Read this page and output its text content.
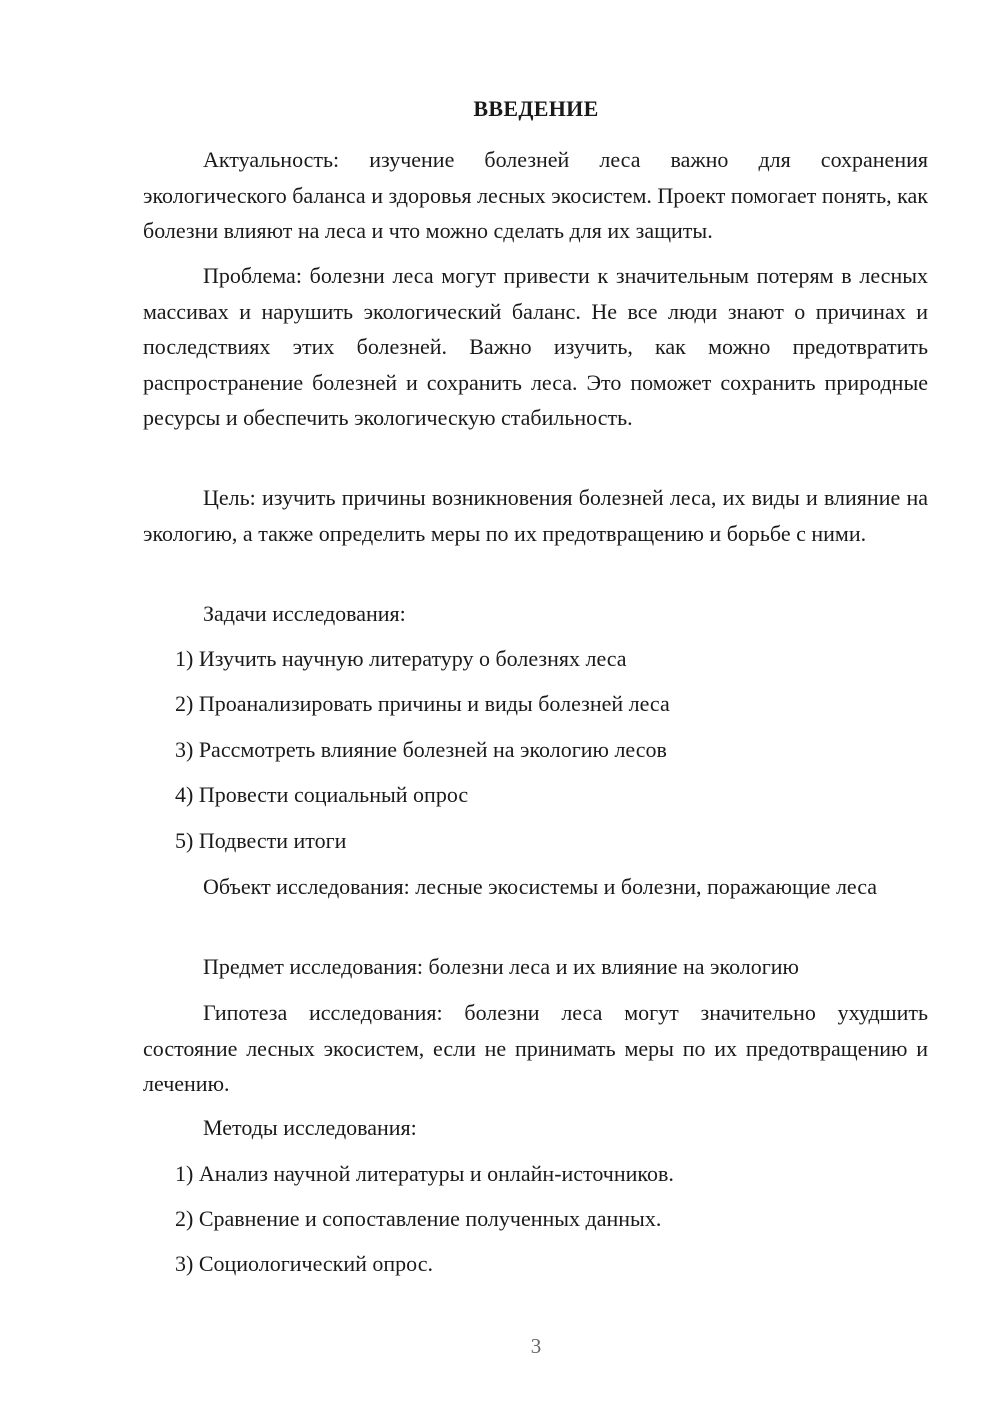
ВВЕДЕНИЕ
Актуальность: изучение болезней леса важно для сохранения экологического баланса и здоровья лесных экосистем. Проект помогает понять, как болезни влияют на леса и что можно сделать для их защиты.
Проблема: болезни леса могут привести к значительным потерям в лесных массивах и нарушить экологический баланс. Не все люди знают о причинах и последствиях этих болезней. Важно изучить, как можно предотвратить распространение болезней и сохранить леса. Это поможет сохранить природные ресурсы и обеспечить экологическую стабильность.
Цель: изучить причины возникновения болезней леса, их виды и влияние на экологию, а также определить меры по их предотвращению и борьбе с ними.
Задачи исследования:
1) Изучить научную литературу о болезнях леса
2) Проанализировать причины и виды болезней леса
3) Рассмотреть влияние болезней на экологию лесов
4) Провести социальный опрос
5) Подвести итоги
Объект исследования: лесные экосистемы и болезни, поражающие леса
Предмет исследования: болезни леса и их влияние на экологию
Гипотеза исследования: болезни леса могут значительно ухудшить состояние лесных экосистем, если не принимать меры по их предотвращению и лечению.
Методы исследования:
1) Анализ научной литературы и онлайн-источников.
2) Сравнение и сопоставление полученных данных.
3) Социологический опрос.
3
